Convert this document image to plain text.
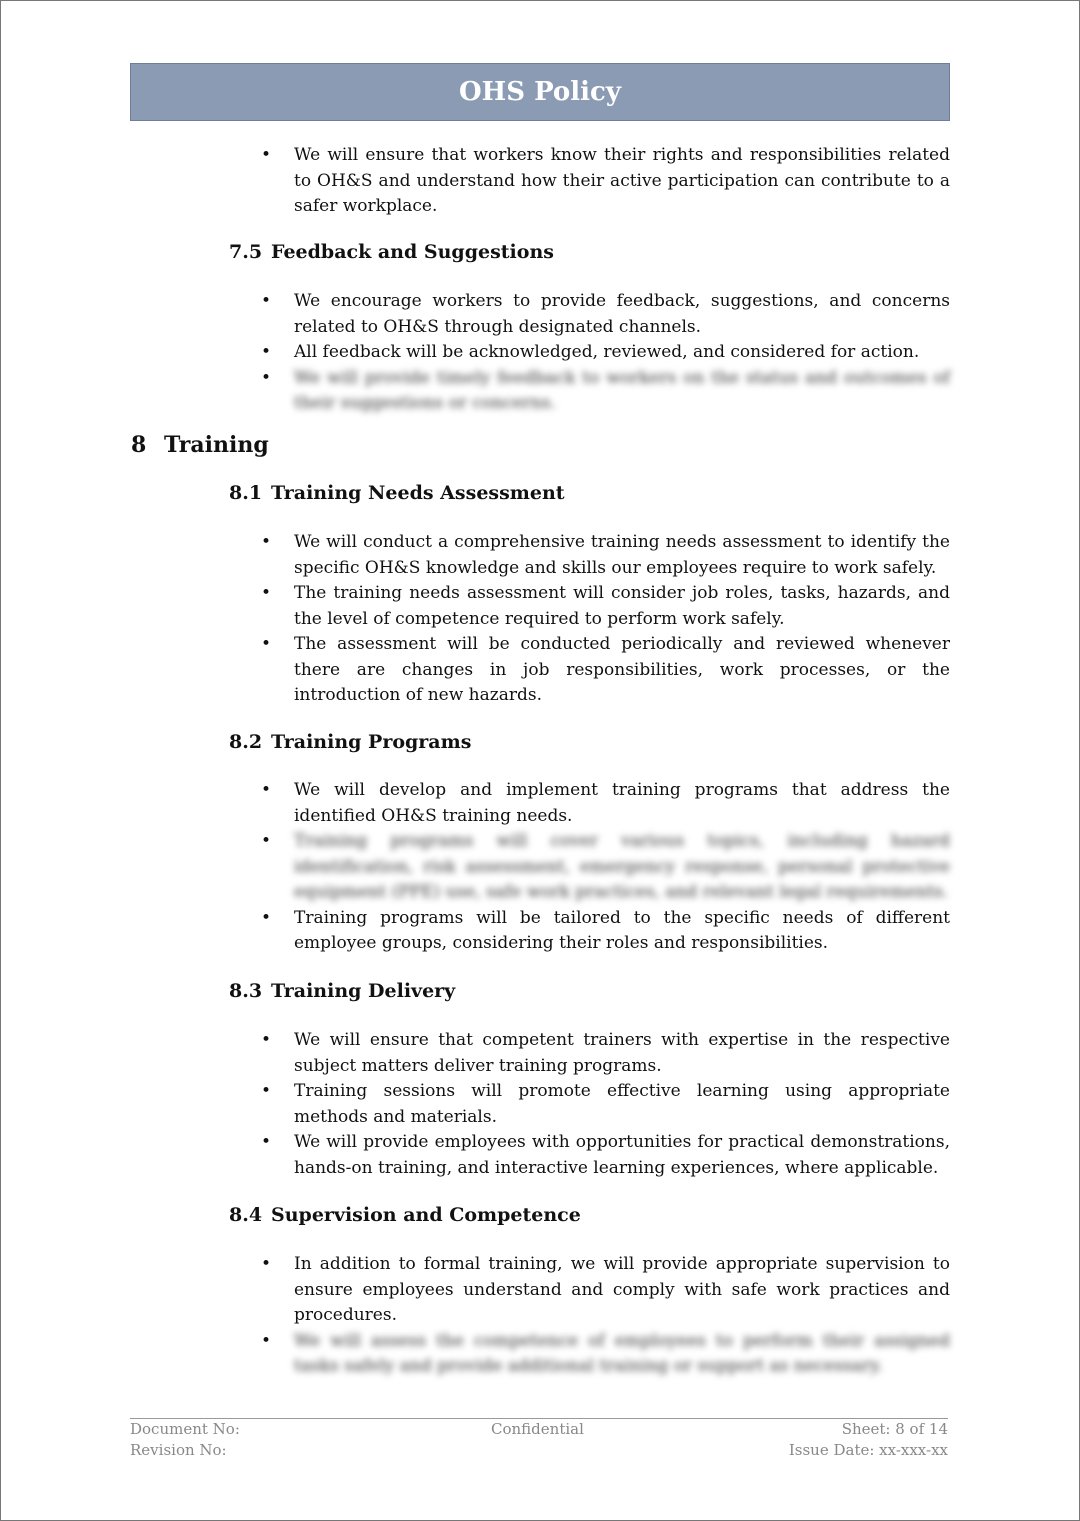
OHS Policy
• We will ensure that workers know their rights and responsibilities related to OH&S and understand how their active participation can contribute to a safer workplace.
7.5 Feedback and Suggestions
• We encourage workers to provide feedback, suggestions, and concerns related to OH&S through designated channels.
• All feedback will be acknowledged, reviewed, and considered for action.
• We will provide timely feedback to workers on the status and outcomes of their suggestions or concerns.
8 Training
8.1 Training Needs Assessment
• We will conduct a comprehensive training needs assessment to identify the specific OH&S knowledge and skills our employees require to work safely.
• The training needs assessment will consider job roles, tasks, hazards, and the level of competence required to perform work safely.
• The assessment will be conducted periodically and reviewed whenever there are changes in job responsibilities, work processes, or the introduction of new hazards.
8.2 Training Programs
• We will develop and implement training programs that address the identified OH&S training needs.
• Training programs will cover various topics, including hazard identification, risk assessment, emergency response, personal protective equipment (PPE) use, safe work practices, and relevant legal requirements.
• Training programs will be tailored to the specific needs of different employee groups, considering their roles and responsibilities.
8.3 Training Delivery
• We will ensure that competent trainers with expertise in the respective subject matters deliver training programs.
• Training sessions will promote effective learning using appropriate methods and materials.
• We will provide employees with opportunities for practical demonstrations, hands-on training, and interactive learning experiences, where applicable.
8.4 Supervision and Competence
• In addition to formal training, we will provide appropriate supervision to ensure employees understand and comply with safe work practices and procedures.
• We will assess the competence of employees to perform their assigned tasks safely and provide additional training or support as necessary.
Document No:	Confidential	Sheet: 8 of 14
Revision No:	Issue Date: xx-xxx-xx
